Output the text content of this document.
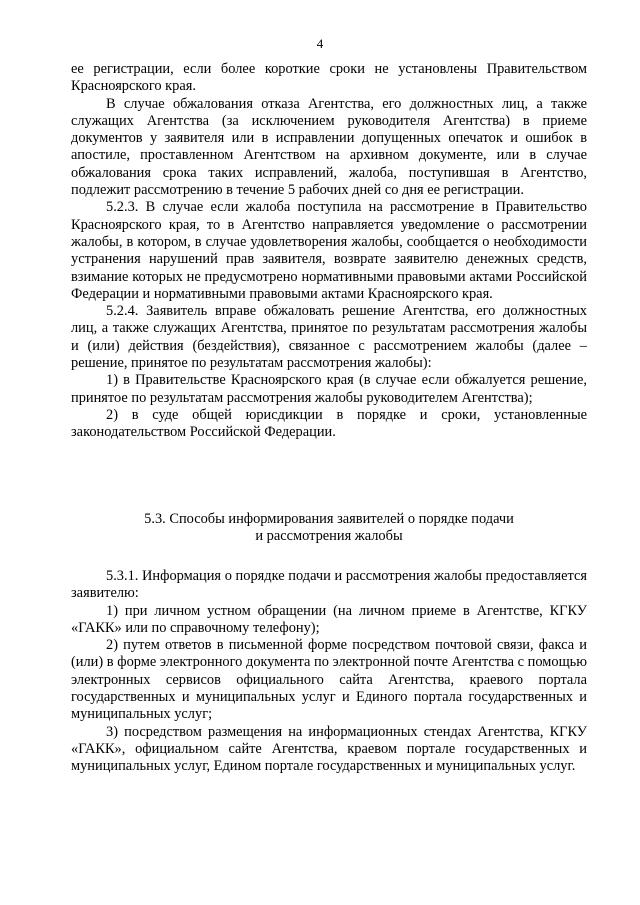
4

ее регистрации, если более короткие сроки не установлены Правительством Красноярского края.

В случае обжалования отказа Агентства, его должностных лиц, а также служащих Агентства (за исключением руководителя Агентства) в приеме документов у заявителя или в исправлении допущенных опечаток и ошибок в апостиле, проставленном Агентством на архивном документе, или в случае обжалования срока таких исправлений, жалоба, поступившая в Агентство, подлежит рассмотрению в течение 5 рабочих дней со дня ее регистрации.

5.2.3. В случае если жалоба поступила на рассмотрение в Правительство Красноярского края, то в Агентство направляется уведомление о рассмотрении жалобы, в котором, в случае удовлетворения жалобы, сообщается о необходимости устранения нарушений прав заявителя, возврате заявителю денежных средств, взимание которых не предусмотрено нормативными правовыми актами Российской Федерации и нормативными правовыми актами Красноярского края.

5.2.4. Заявитель вправе обжаловать решение Агентства, его должностных лиц, а также служащих Агентства, принятое по результатам рассмотрения жалобы и (или) действия (бездействия), связанное с рассмотрением жалобы (далее – решение, принятое по результатам рассмотрения жалобы):

1) в Правительстве Красноярского края (в случае если обжалуется решение, принятое по результатам рассмотрения жалобы руководителем Агентства);

2) в суде общей юрисдикции в порядке и сроки, установленные законодательством Российской Федерации.

5.3. Способы информирования заявителей о порядке подачи
и рассмотрения жалобы

5.3.1. Информация о порядке подачи и рассмотрения жалобы предоставляется заявителю:

1) при личном устном обращении (на личном приеме в Агентстве, КГКУ «ГАКК» или по справочному телефону);

2) путем ответов в письменной форме посредством почтовой связи, факса и (или) в форме электронного документа по электронной почте Агентства с помощью электронных сервисов официального сайта Агентства, краевого портала государственных и муниципальных услуг и Единого портала государственных и муниципальных услуг;

3) посредством размещения на информационных стендах Агентства, КГКУ «ГАКК», официальном сайте Агентства, краевом портале государственных и муниципальных услуг, Едином портале государственных и муниципальных услуг.
